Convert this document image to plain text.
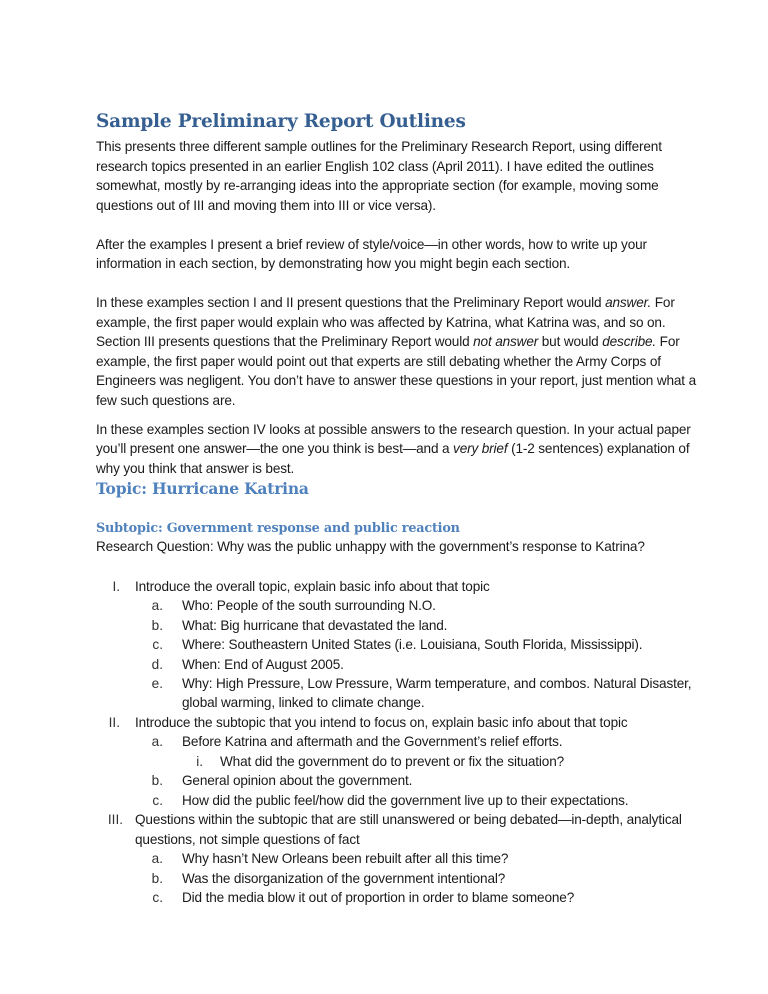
Sample Preliminary Report Outlines
This presents three different sample outlines for the Preliminary Research Report, using different
research topics presented in an earlier English 102 class (April 2011). I have edited the outlines
somewhat, mostly by re-arranging ideas into the appropriate section (for example, moving some
questions out of III and moving them into III or vice versa).
After the examples I present a brief review of style/voice—in other words, how to write up your
information in each section, by demonstrating how you might begin each section.
In these examples section I and II present questions that the Preliminary Report would answer. For
example, the first paper would explain who was affected by Katrina, what Katrina was, and so on.
Section III presents questions that the Preliminary Report would not answer but would describe. For
example, the first paper would point out that experts are still debating whether the Army Corps of
Engineers was negligent. You don’t have to answer these questions in your report, just mention what a
few such questions are.
In these examples section IV looks at possible answers to the research question. In your actual paper
you’ll present one answer—the one you think is best—and a very brief (1-2 sentences) explanation of
why you think that answer is best.
Topic: Hurricane Katrina
Subtopic: Government response and public reaction
Research Question: Why was the public unhappy with the government’s response to Katrina?
I. Introduce the overall topic, explain basic info about that topic
a. Who: People of the south surrounding N.O.
b. What: Big hurricane that devastated the land.
c. Where: Southeastern United States (i.e. Louisiana, South Florida, Mississippi).
d. When: End of August 2005.
e. Why: High Pressure, Low Pressure, Warm temperature, and combos. Natural Disaster,
global warming, linked to climate change.
II. Introduce the subtopic that you intend to focus on, explain basic info about that topic
a. Before Katrina and aftermath and the Government’s relief efforts.
i. What did the government do to prevent or fix the situation?
b. General opinion about the government.
c. How did the public feel/how did the government live up to their expectations.
III. Questions within the subtopic that are still unanswered or being debated—in-depth, analytical
questions, not simple questions of fact
a. Why hasn’t New Orleans been rebuilt after all this time?
b. Was the disorganization of the government intentional?
c. Did the media blow it out of proportion in order to blame someone?
